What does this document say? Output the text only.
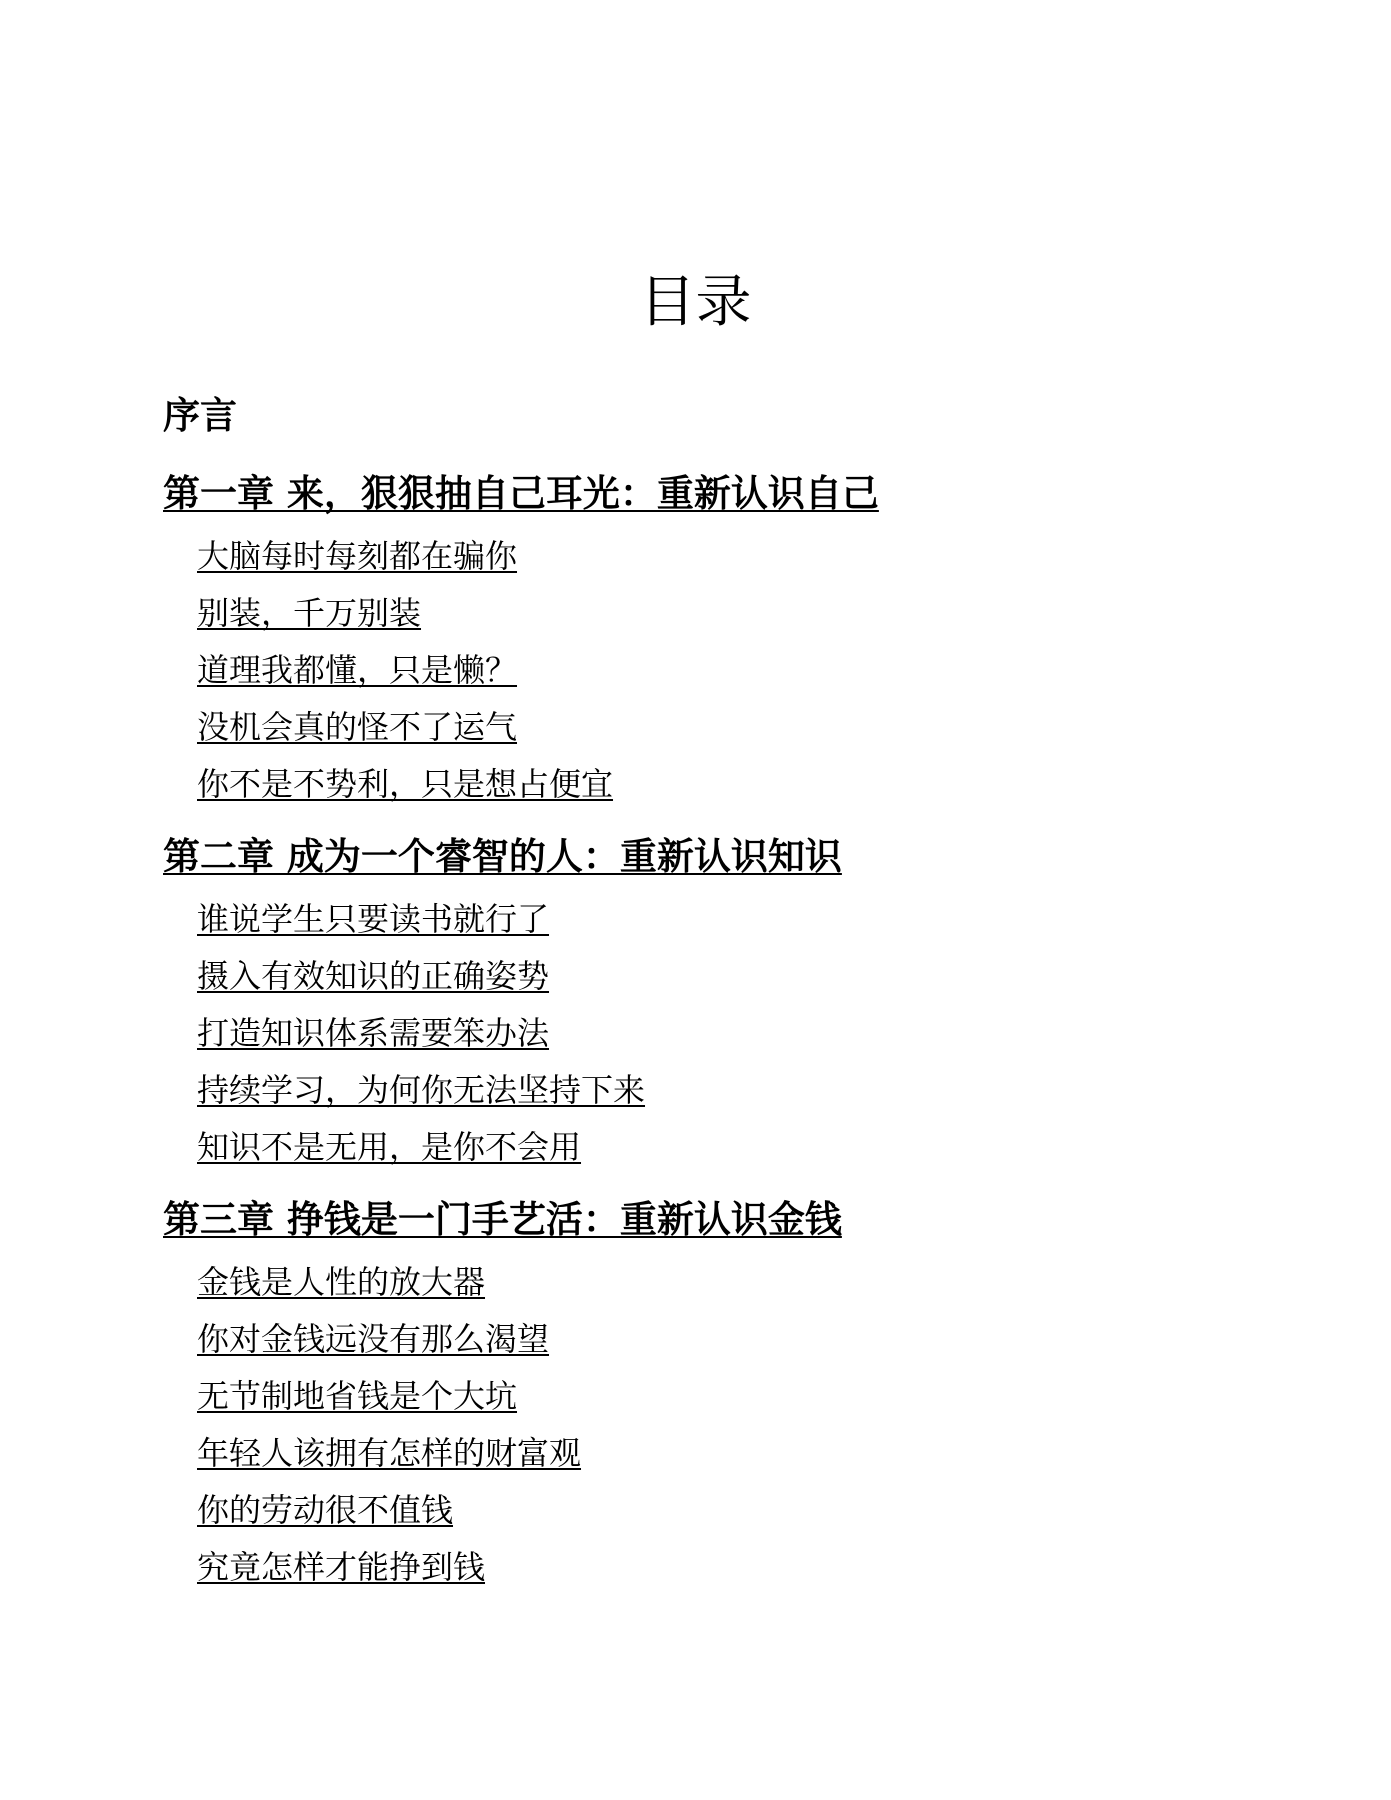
目录
序言
第一章 来，狠狠抽自己耳光：重新认识自己
大脑每时每刻都在骗你
别装，千万别装
道理我都懂，只是懒？
没机会真的怪不了运气
你不是不势利，只是想占便宜
第二章 成为一个睿智的人：重新认识知识
谁说学生只要读书就行了
摄入有效知识的正确姿势
打造知识体系需要笨办法
持续学习，为何你无法坚持下来
知识不是无用，是你不会用
第三章 挣钱是一门手艺活：重新认识金钱
金钱是人性的放大器
你对金钱远没有那么渴望
无节制地省钱是个大坑
年轻人该拥有怎样的财富观
你的劳动很不值钱
究竟怎样才能挣到钱
